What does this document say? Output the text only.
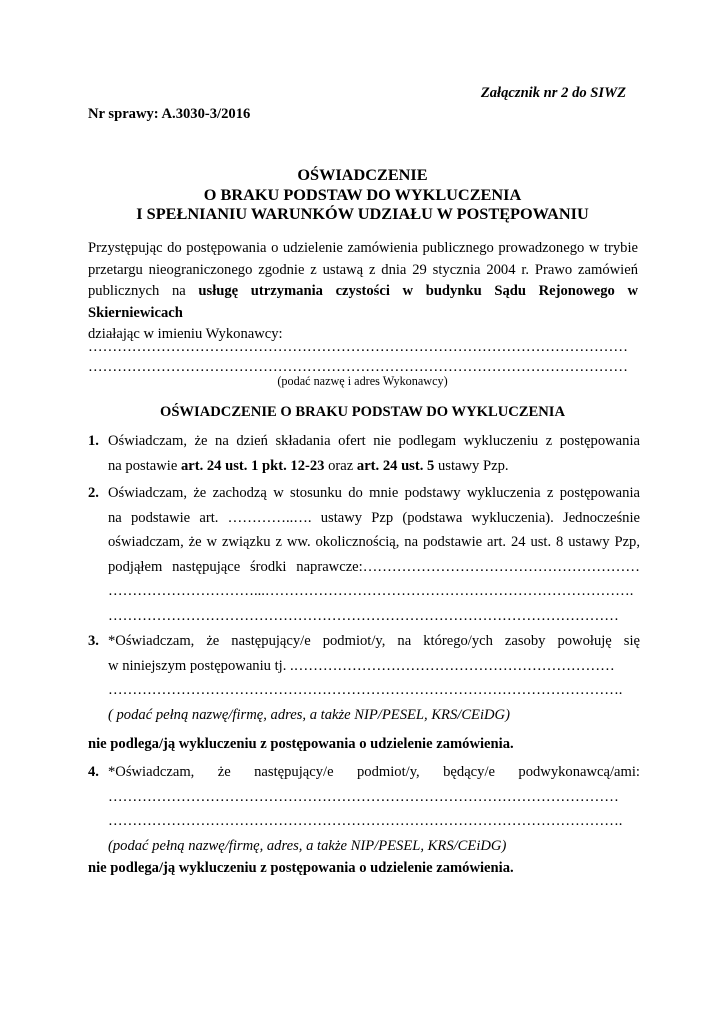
Załącznik nr 2 do SIWZ
Nr sprawy: A.3030-3/2016
OŚWIADCZENIE
O BRAKU PODSTAW DO WYKLUCZENIA
I SPEŁNIANIU WARUNKÓW UDZIAŁU W POSTĘPOWANIU
Przystępując do postępowania o udzielenie zamówienia publicznego prowadzonego w trybie
przetargu nieograniczonego zgodnie z ustawą z dnia 29 stycznia 2004 r. Prawo zamówień
publicznych na usługę utrzymania czystości w budynku Sądu Rejonowego w
Skierniewicach
działając w imieniu Wykonawcy:
…………………………………………………………………………………………………
…………………………………………………………………………………………………
(podać nazwę i adres Wykonawcy)
OŚWIADCZENIE O BRAKU PODSTAW DO WYKLUCZENIA
1. Oświadczam, że na dzień składania ofert nie podlegam wykluczeniu z postępowania
na postawie art. 24 ust. 1 pkt. 12-23 oraz art. 24 ust. 5 ustawy Pzp.
2. Oświadczam, że zachodzą w stosunku do mnie podstawy wykluczenia z postępowania
na podstawie art. …………..…. ustawy Pzp (podstawa wykluczenia). Jednocześnie
oświadczam, że w związku z ww. okolicznością, na podstawie art. 24 ust. 8 ustawy Pzp,
podjąłem następujące środki naprawcze:…………………………………………………
…………………………...………………………………………………………………….
……………………………………………………………………………………………
3. *Oświadczam, że następujący/e podmiot/y, na którego/ych zasoby powołuję się
w niniejszym postępowaniu tj. .…………………………………………………………
…………………………………………………………………………………………….
( podać pełną nazwę/firmę, adres, a także NIP/PESEL, KRS/CEiDG)
nie podlega/ją wykluczeniu z postępowania o udzielenie zamówienia.
4. *Oświadczam, że następujący/e podmiot/y, będący/e podwykonawcą/ami:
……………………………………………………………………………………………
…………………………………………………………………………………………….
(podać pełną nazwę/firmę, adres, a także NIP/PESEL, KRS/CEiDG)
nie podlega/ją wykluczeniu z postępowania o udzielenie zamówienia.
